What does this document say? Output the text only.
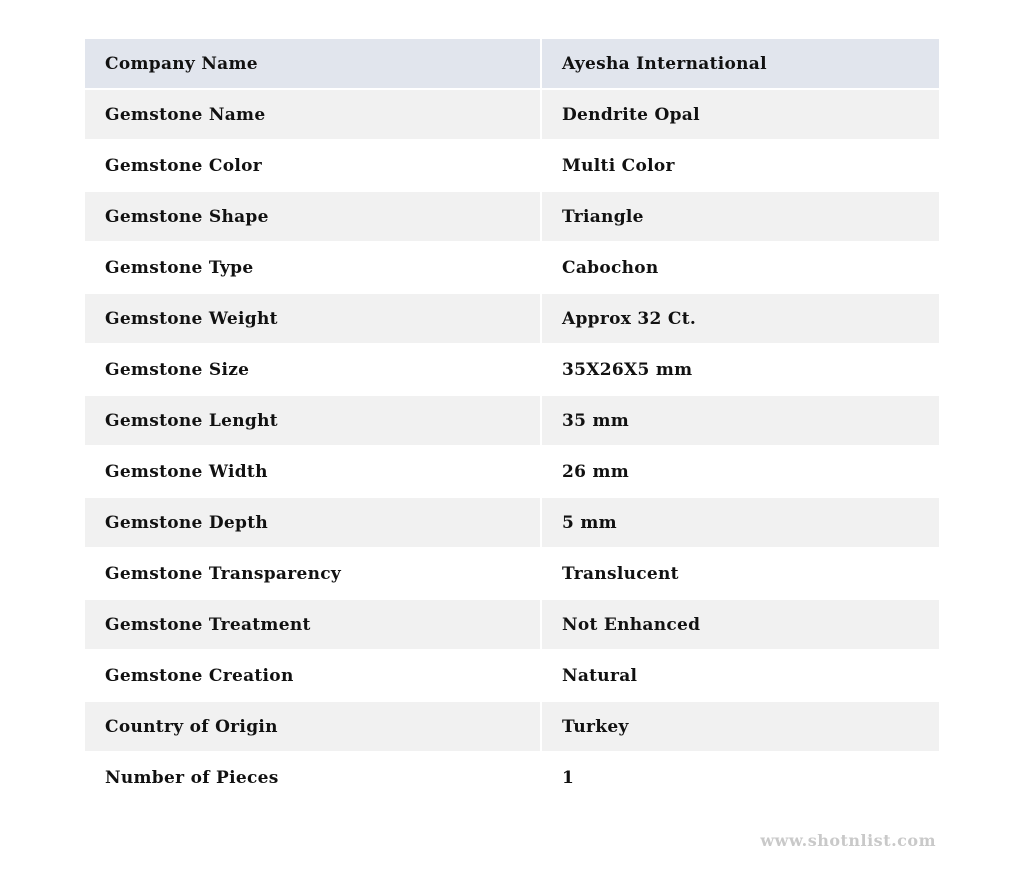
Company Name	Ayesha International
Gemstone Name	Dendrite Opal
Gemstone Color	Multi Color
Gemstone Shape	Triangle
Gemstone Type	Cabochon
Gemstone Weight	Approx 32 Ct.
Gemstone Size	35X26X5 mm
Gemstone Lenght	35 mm
Gemstone Width	26 mm
Gemstone Depth	5 mm
Gemstone Transparency	Translucent
Gemstone Treatment	Not Enhanced
Gemstone Creation	Natural
Country of Origin	Turkey
Number of Pieces	1
www.shotnlist.com
